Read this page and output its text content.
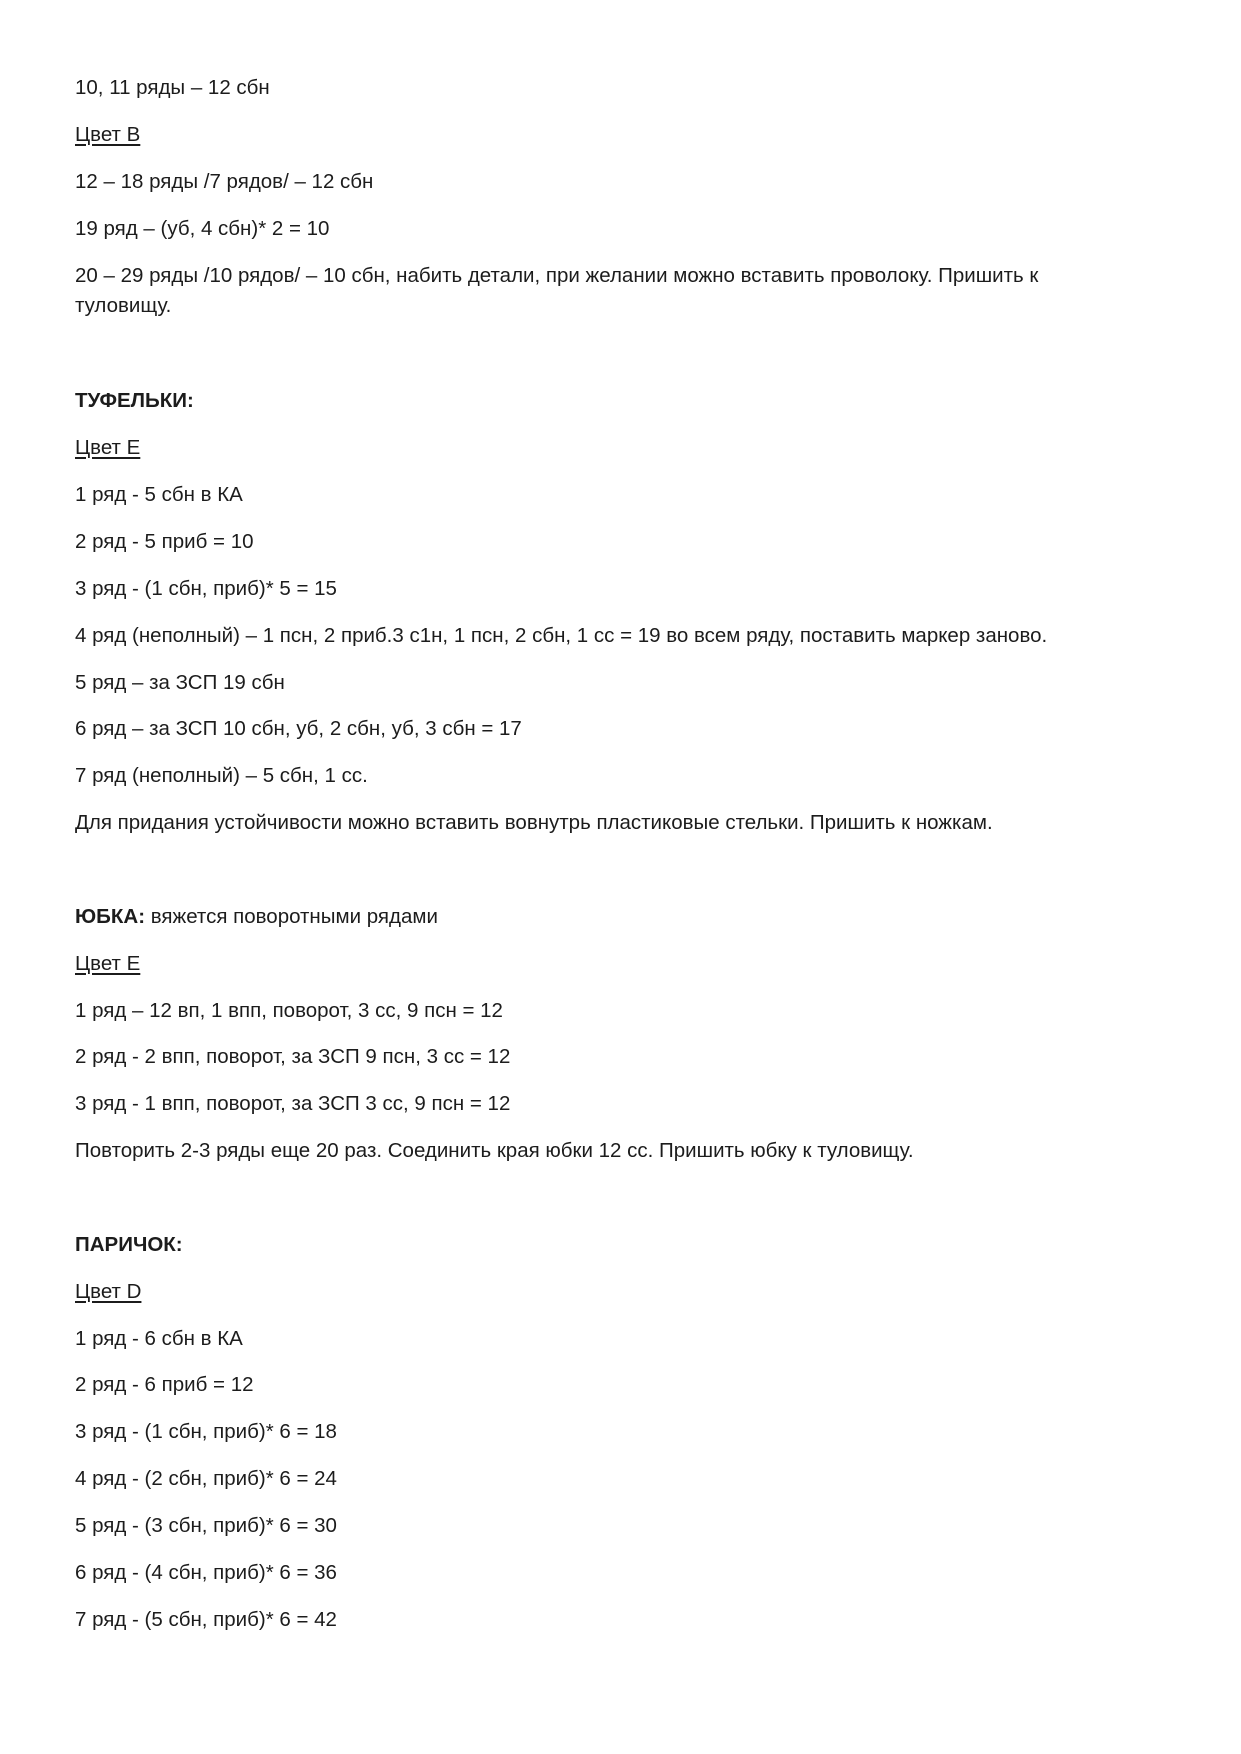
10, 11 ряды – 12 сбн
Цвет B
12 – 18 ряды /7 рядов/ – 12 сбн
19 ряд – (уб, 4 сбн)* 2 = 10
20 – 29 ряды /10 рядов/ – 10 сбн, набить детали, при желании можно вставить проволоку. Пришить к туловищу.
ТУФЕЛЬКИ:
Цвет E
1 ряд - 5 сбн в КА
2 ряд - 5 приб = 10
3 ряд - (1 сбн, приб)* 5 = 15
4 ряд (неполный) – 1 псн, 2 приб.3 с1н, 1 псн, 2 сбн, 1 сс = 19 во всем ряду, поставить маркер заново.
5 ряд – за ЗСП 19 сбн
6 ряд – за ЗСП 10 сбн, уб, 2 сбн, уб, 3 сбн = 17
7 ряд (неполный) – 5 сбн, 1 сс.
Для придания устойчивости можно вставить вовнутрь пластиковые стельки. Пришить к ножкам.
ЮБКА: вяжется поворотными рядами
Цвет E
1 ряд – 12 вп, 1 впп, поворот, 3 сс, 9 псн = 12
2 ряд - 2 впп, поворот, за ЗСП 9 псн, 3 сс = 12
3 ряд - 1 впп, поворот, за ЗСП 3 сс, 9 псн = 12
Повторить 2-3 ряды еще 20 раз. Соединить края юбки 12 сс. Пришить юбку к туловищу.
ПАРИЧОК:
Цвет D
1 ряд - 6 сбн в КА
2 ряд - 6 приб = 12
3 ряд - (1 сбн, приб)* 6 = 18
4 ряд - (2 сбн, приб)* 6 = 24
5 ряд - (3 сбн, приб)* 6 = 30
6 ряд - (4 сбн, приб)* 6 = 36
7 ряд - (5 сбн, приб)* 6 = 42
